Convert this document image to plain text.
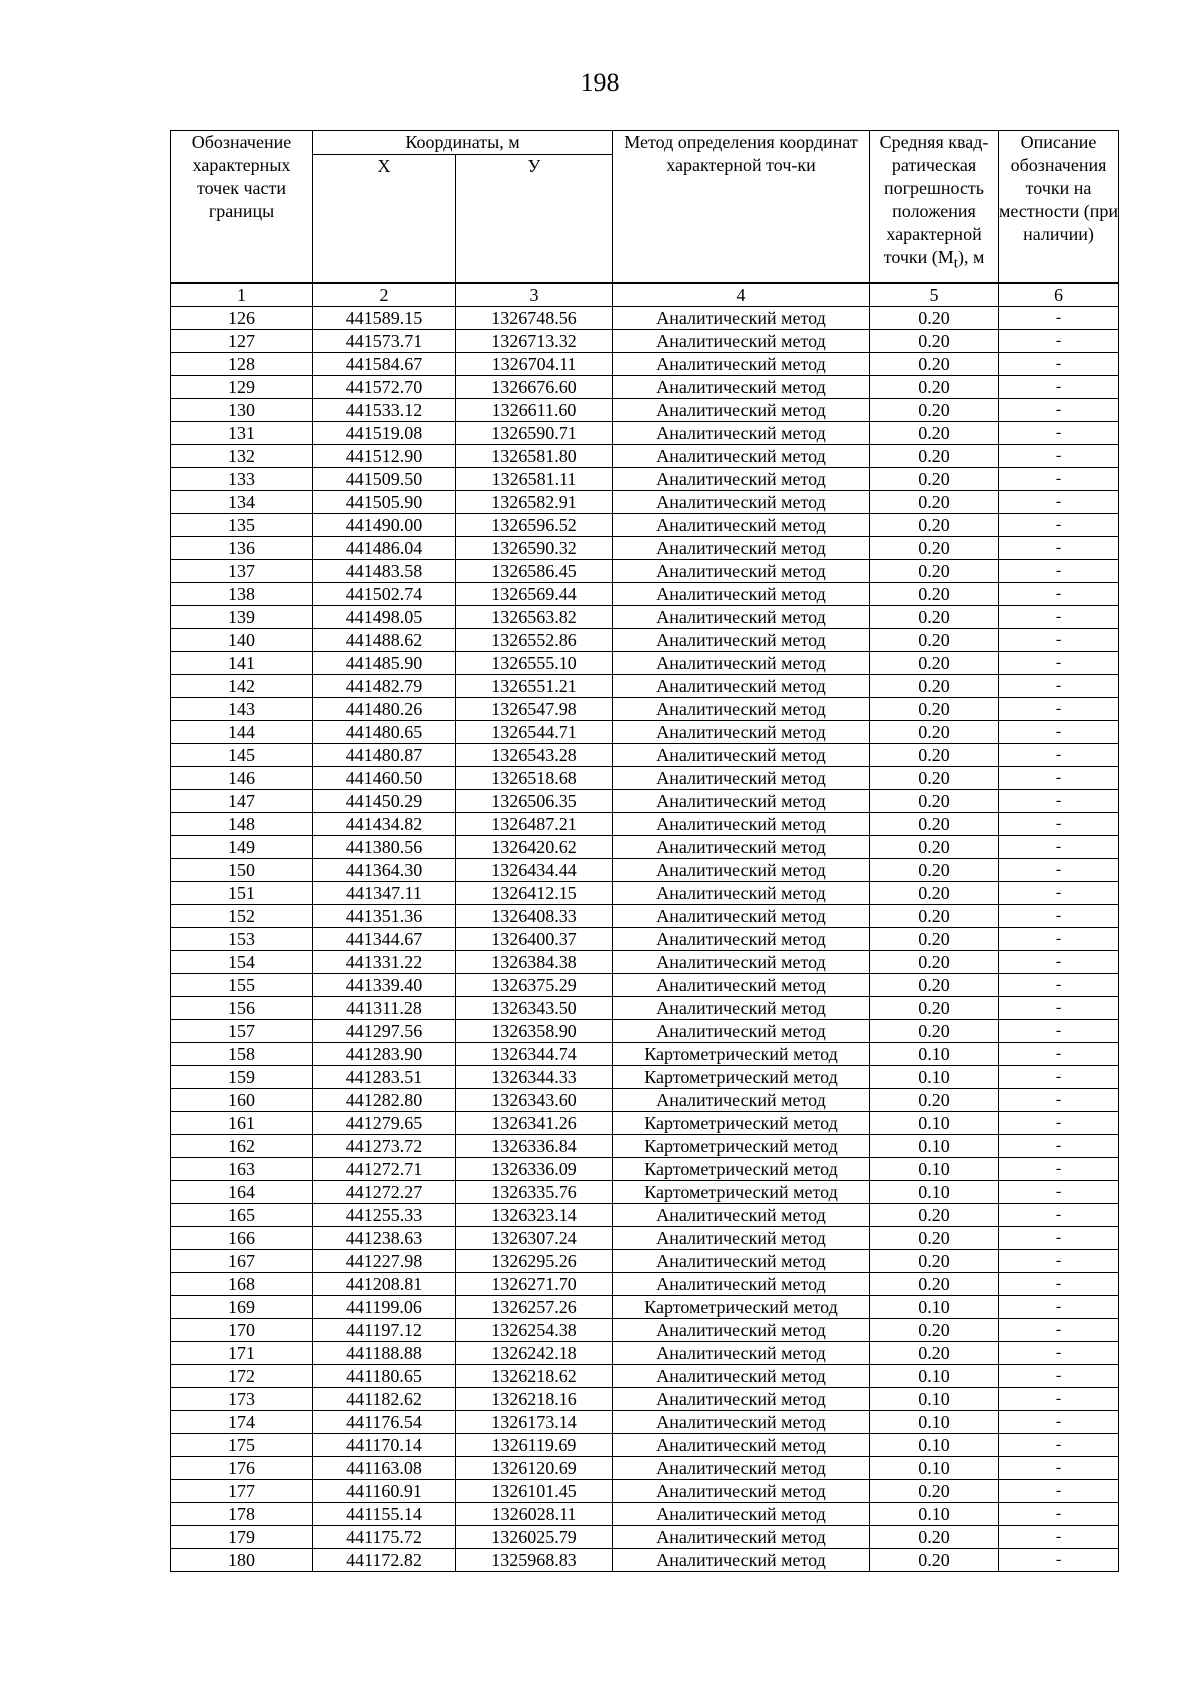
198
Обозначение характерных точек части границы	Координаты, м		Метод определения координат характерной точ-ки	Средняя квад-ратическая погрешность положения характерной точки $(M_t)$, м	Описание обозначения точки на местности (при наличии)
	X	У			
1	2	3	4	5	6
126	441589.15	1326748.56	Аналитический метод	0.20	-
127	441573.71	1326713.32	Аналитический метод	0.20	-
128	441584.67	1326704.11	Аналитический метод	0.20	-
129	441572.70	1326676.60	Аналитический метод	0.20	-
130	441533.12	1326611.60	Аналитический метод	0.20	-
131	441519.08	1326590.71	Аналитический метод	0.20	-
132	441512.90	1326581.80	Аналитический метод	0.20	-
133	441509.50	1326581.11	Аналитический метод	0.20	-
134	441505.90	1326582.91	Аналитический метод	0.20	-
135	441490.00	1326596.52	Аналитический метод	0.20	-
136	441486.04	1326590.32	Аналитический метод	0.20	-
137	441483.58	1326586.45	Аналитический метод	0.20	-
138	441502.74	1326569.44	Аналитический метод	0.20	-
139	441498.05	1326563.82	Аналитический метод	0.20	-
140	441488.62	1326552.86	Аналитический метод	0.20	-
141	441485.90	1326555.10	Аналитический метод	0.20	-
142	441482.79	1326551.21	Аналитический метод	0.20	-
143	441480.26	1326547.98	Аналитический метод	0.20	-
144	441480.65	1326544.71	Аналитический метод	0.20	-
145	441480.87	1326543.28	Аналитический метод	0.20	-
146	441460.50	1326518.68	Аналитический метод	0.20	-
147	441450.29	1326506.35	Аналитический метод	0.20	-
148	441434.82	1326487.21	Аналитический метод	0.20	-
149	441380.56	1326420.62	Аналитический метод	0.20	-
150	441364.30	1326434.44	Аналитический метод	0.20	-
151	441347.11	1326412.15	Аналитический метод	0.20	-
152	441351.36	1326408.33	Аналитический метод	0.20	-
153	441344.67	1326400.37	Аналитический метод	0.20	-
154	441331.22	1326384.38	Аналитический метод	0.20	-
155	441339.40	1326375.29	Аналитический метод	0.20	-
156	441311.28	1326343.50	Аналитический метод	0.20	-
157	441297.56	1326358.90	Аналитический метод	0.20	-
158	441283.90	1326344.74	Картометрический метод	0.10	-
159	441283.51	1326344.33	Картометрический метод	0.10	-
160	441282.80	1326343.60	Аналитический метод	0.20	-
161	441279.65	1326341.26	Картометрический метод	0.10	-
162	441273.72	1326336.84	Картометрический метод	0.10	-
163	441272.71	1326336.09	Картометрический метод	0.10	-
164	441272.27	1326335.76	Картометрический метод	0.10	-
165	441255.33	1326323.14	Аналитический метод	0.20	-
166	441238.63	1326307.24	Аналитический метод	0.20	-
167	441227.98	1326295.26	Аналитический метод	0.20	-
168	441208.81	1326271.70	Аналитический метод	0.20	-
169	441199.06	1326257.26	Картометрический метод	0.10	-
170	441197.12	1326254.38	Аналитический метод	0.20	-
171	441188.88	1326242.18	Аналитический метод	0.20	-
172	441180.65	1326218.62	Аналитический метод	0.10	-
173	441182.62	1326218.16	Аналитический метод	0.10	-
174	441176.54	1326173.14	Аналитический метод	0.10	-
175	441170.14	1326119.69	Аналитический метод	0.10	-
176	441163.08	1326120.69	Аналитический метод	0.10	-
177	441160.91	1326101.45	Аналитический метод	0.20	-
178	441155.14	1326028.11	Аналитический метод	0.10	-
179	441175.72	1326025.79	Аналитический метод	0.20	-
180	441172.82	1325968.83	Аналитический метод	0.20	-
